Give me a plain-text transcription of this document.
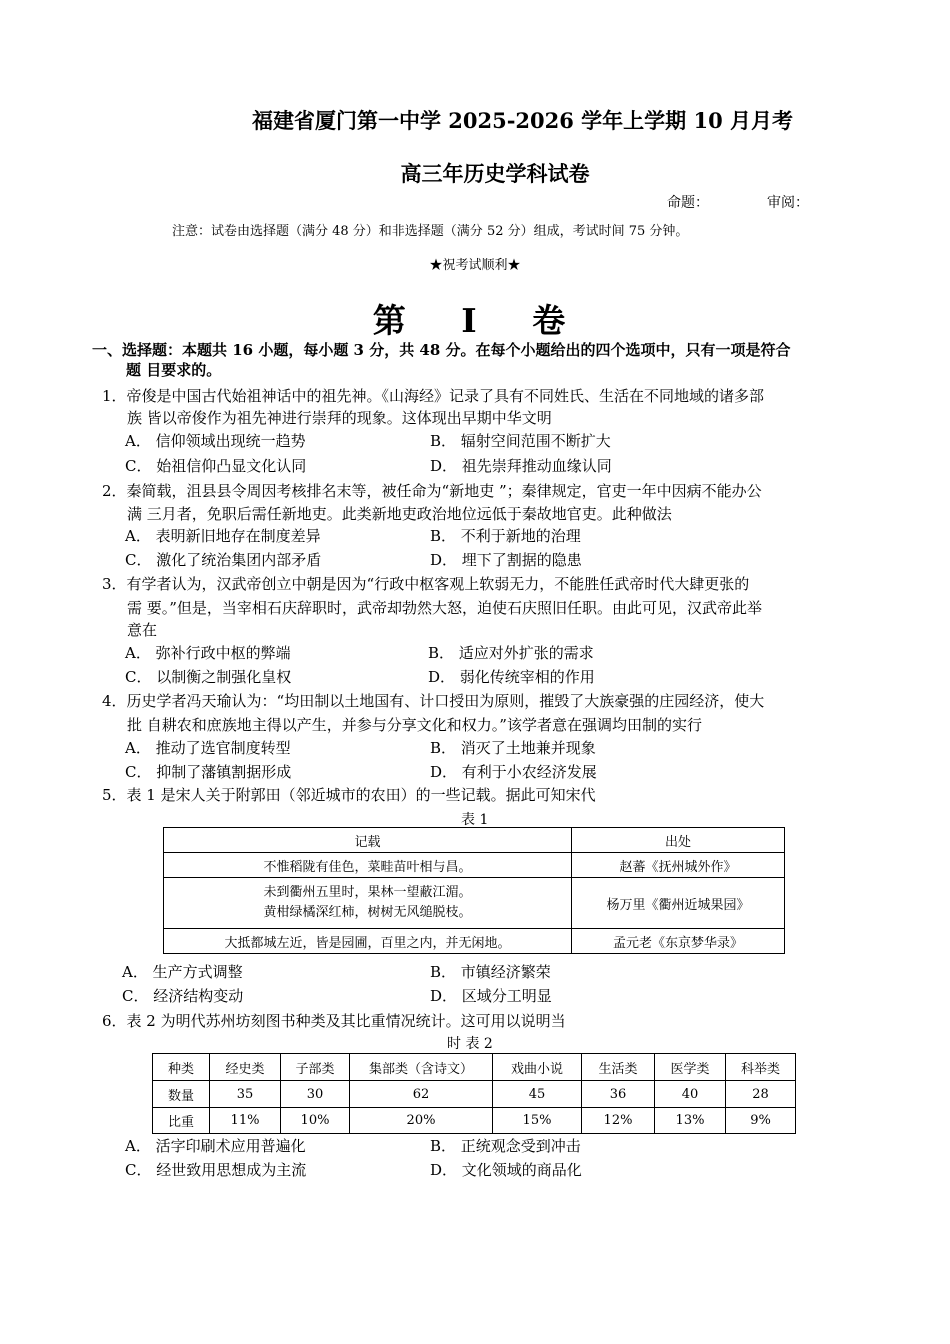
福建省厦门第一中学 2025-2026 学年上学期 10 月月考
高三年历史学科试卷
命题：	审阅：
注意：试卷由选择题（满分 48 分）和非选择题（满分 52 分）组成，考试时间 75 分钟。
★祝考试顺利★
第 I 卷
一、选择题：本题共 16 小题，每小题 3 分，共 48 分。在每个小题给出的四个选项中，只有一项是符合
题 目要求的。
1．帝俊是中国古代始祖神话中的祖先神。《山海经》记录了具有不同姓氏、生活在不同地域的诸多部
族 皆以帝俊作为祖先神进行崇拜的现象。这体现出早期中华文明
A． 信仰领域出现统一趋势	B． 辐射空间范围不断扩大
C． 始祖信仰凸显文化认同	D． 祖先崇拜推动血缘认同
2．秦简载，沮县县令周因考核排名末等，被任命为“新地吏 ”；秦律规定，官吏一年中因病不能办公
满 三月者，免职后需任新地吏。此类新地吏政治地位远低于秦故地官吏。此种做法
A． 表明新旧地存在制度差异	B． 不利于新地的治理
C． 激化了统治集团内部矛盾	D． 埋下了割据的隐患
3．有学者认为，汉武帝创立中朝是因为“行政中枢客观上软弱无力，不能胜任武帝时代大肆更张的
需 要。”但是，当宰相石庆辞职时，武帝却勃然大怒，迫使石庆照旧任职。由此可见，汉武帝此举
意在
A． 弥补行政中枢的弊端	B． 适应对外扩张的需求
C． 以制衡之制强化皇权	D． 弱化传统宰相的作用
4．历史学者冯天瑜认为：“均田制以土地国有、计口授田为原则，摧毁了大族豪强的庄园经济，使大
批 自耕农和庶族地主得以产生，并参与分享文化和权力。”该学者意在强调均田制的实行
A． 推动了选官制度转型	B． 消灭了土地兼并现象
C． 抑制了藩镇割据形成	D． 有利于小农经济发展
5．表 1 是宋人关于附郭田（邻近城市的农田）的一些记载。据此可知宋代
表 1
记载	出处
不惟稻陇有佳色，菜畦苗叶相与昌。	赵蕃《抚州城外作》

未到衢州五里时，果林一望蔽江湄。
黄柑绿橘深红柿，树树无风缒脱枝。	杨万里《衢州近城果园》
大抵都城左近，皆是园圃，百里之内，并无闲地。	孟元老《东京梦华录》
A． 生产方式调整	B． 市镇经济繁荣
C． 经济结构变动	D． 区域分工明显
6．表 2 为明代苏州坊刻图书种类及其比重情况统计。这可用以说明当
时 表 2
种类	经史类	子部类	集部类（含诗文）	戏曲小说	生活类	医学类	科举类
数量	35	30	62	45	36	40	28
比重	11%	10%	20%	15%	12%	13%	9%
A． 活字印刷术应用普遍化	B． 正统观念受到冲击
C． 经世致用思想成为主流	D． 文化领域的商品化
